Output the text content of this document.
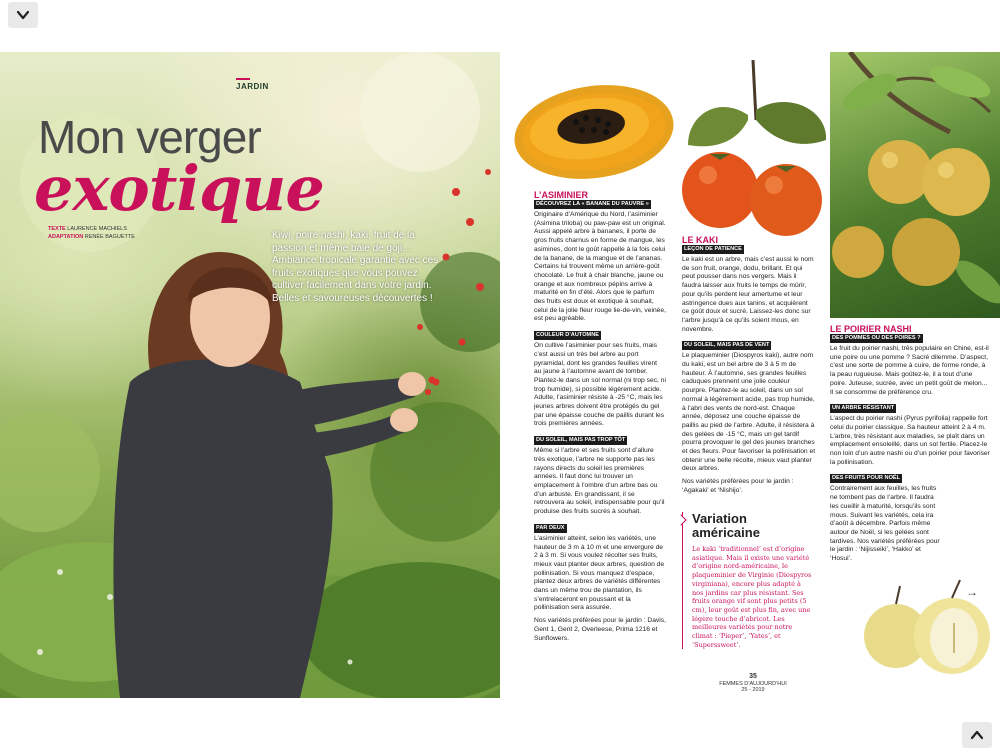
JARDIN
Mon verger
exotique
TEXTE LAURENCE MACHIELS
ADAPTATION RENÉE BAGUETTE	Kiwi, poire nashi, kaki, fruit de la passion et même baie de goji... Ambiance tropicale garantie avec ces fruits exotiques que vous pouvez cultiver facilement dans votre jardin. Belles et savoureuses découvertes !
L’ASIMINIER
DÉCOUVREZ LA « BANANE DU PAUVRE »

Originaire d’Amérique du Nord, l’asiminier (Asimina triloba) ou paw-paw est un original. Aussi appelé arbre à bananes, il porte de gros fruits charnus en forme de mangue, les asimines, dont le goût rappelle à la fois celui de la banane, de la mangue et de l’ananas. Certains lui trouvent même un arrière-goût chocolaté. Le fruit à chair blanche, jaune ou orange et aux nombreux pépins arrive à maturité en fin d’été. Alors que le parfum des fruits est doux et exotique à souhait, celui de la jolie fleur rouge lie-de-vin, veinée, est peu agréable.

COULEUR D’AUTOMNE

On cultive l’asiminier pour ses fruits, mais c’est aussi un très bel arbre au port pyramidal, dont les grandes feuilles virent au jaune à l’automne avant de tomber. Plantez-le dans un sol normal (ni trop sec, ni trop humide), si possible légèrement acide. Adulte, l’asiminier résiste à -25 °C, mais les jeunes arbres doivent être protégés du gel par une épaisse couche de paillis durant les trois premières années.

DU SOLEIL, MAIS PAS TROP TÔT

Même si l’arbre et ses fruits sont d’allure très exotique, l’arbre ne supporte pas les rayons directs du soleil les premières années. Il faut donc lui trouver un emplacement à l’ombre d’un arbre bas ou d’un arbuste. En grandissant, il se retrouvera au soleil, indispensable pour qu’il produise des fruits sucrés à souhait.

PAR DEUX

L’asiminier atteint, selon les variétés, une hauteur de 3 m à 10 m et une envergure de 2 à 3 m. Si vous voulez récolter ses fruits, mieux vaut planter deux arbres, question de pollinisation. Si vous manquez d’espace, plantez deux arbres de variétés différentes dans un même trou de plantation, ils s’entrelaceront en poussant et la pollinisation sera assurée.

Nos variétés préférées pour le jardin : Davis, Gent 1, Gent 2, Overleese, Prima 1216 et Sunflowers.

LE KAKI
LEÇON DE PATIENCE

Le kaki est un arbre, mais c’est aussi le nom de son fruit, orange, dodu, brillant. Et qui peut pousser dans nos vergers. Mais il faudra laisser aux fruits le temps de mûrir, pour qu’ils perdent leur amertume et leur astringence dues aux tanins, et acquièrent ce goût doux et sucré. Laissez-les donc sur l’arbre jusqu’à ce qu’ils soient mous, en novembre.

DU SOLEIL, MAIS PAS DE VENT

Le plaqueminier (Diospyros kaki), autre nom du kaki, est un bel arbre de 3 à 5 m de hauteur. À l’automne, ses grandes feuilles caduques prennent une jolie couleur pourpre. Plantez-le au soleil, dans un sol normal à légèrement acide, pas trop humide, à l’abri des vents de nord-est. Chaque année, déposez une couche épaisse de paillis au pied de l’arbre. Adulte, il résistera à des gelées de -15 °C, mais un gel tardif pourra provoquer le gel des jeunes branches et des fleurs. Pour favoriser la pollinisation et obtenir une belle récolte, mieux vaut planter deux arbres.

Nos variétés préférées pour le jardin : ‘Agakaki’ et ‘Nishijo’.

Variation américaine
Le kaki ‘traditionnel’ est d’origine asiatique. Mais il existe une variété d’origine nord-américaine, le plaqueminier de Virginie (Diospyros virginiana), encore plus adapté à nos jardins car plus résistant. Ses fruits orange vif sont plus petits (5 cm), leur goût est plus fin, avec une légère touche d’abricot. Les meilleures variétés pour notre climat : ‘Pieper’, ‘Yates’, et ‘Superssweet’.
LE POIRIER NASHI
DES POMMES OU DES POIRES ?

Le fruit du poirier nashi, très populaire en Chine, est-il une poire ou une pomme ? Sacré dilemme. D’aspect, c’est une sorte de pomme à cuire, de forme ronde, à la peau rugueuse. Mais goûtez-le, il a tout d’une poire. Juteuse, sucrée, avec un petit goût de melon... Il se consomme de préférence cru.

UN ARBRE RÉSISTANT

L’aspect du poirier nashi (Pyrus pyrifolia) rappelle fort celui du poirier classique. Sa hauteur atteint 2 à 4 m. L’arbre, très résistant aux maladies, se plaît dans un emplacement ensoleillé, dans un sol fertile. Placez-le non loin d’un autre nashi ou d’un poirier pour favoriser la pollinisation.

DES FRUITS POUR NOËL

Contrairement aux feuilles, les fruits ne tombent pas de l’arbre. Il faudra les cueillir à maturité, lorsqu’ils sont mous. Suivant les variétés, cela ira d’août à décembre. Parfois même autour de Noël, si les gelées sont tardives. Nos variétés préférées pour le jardin : ‘Nijisseiki’, ‘Hakko’ et ‘Hosui’.

→
35
FEMMES D’AUJOURD’HUI 25 - 2019
